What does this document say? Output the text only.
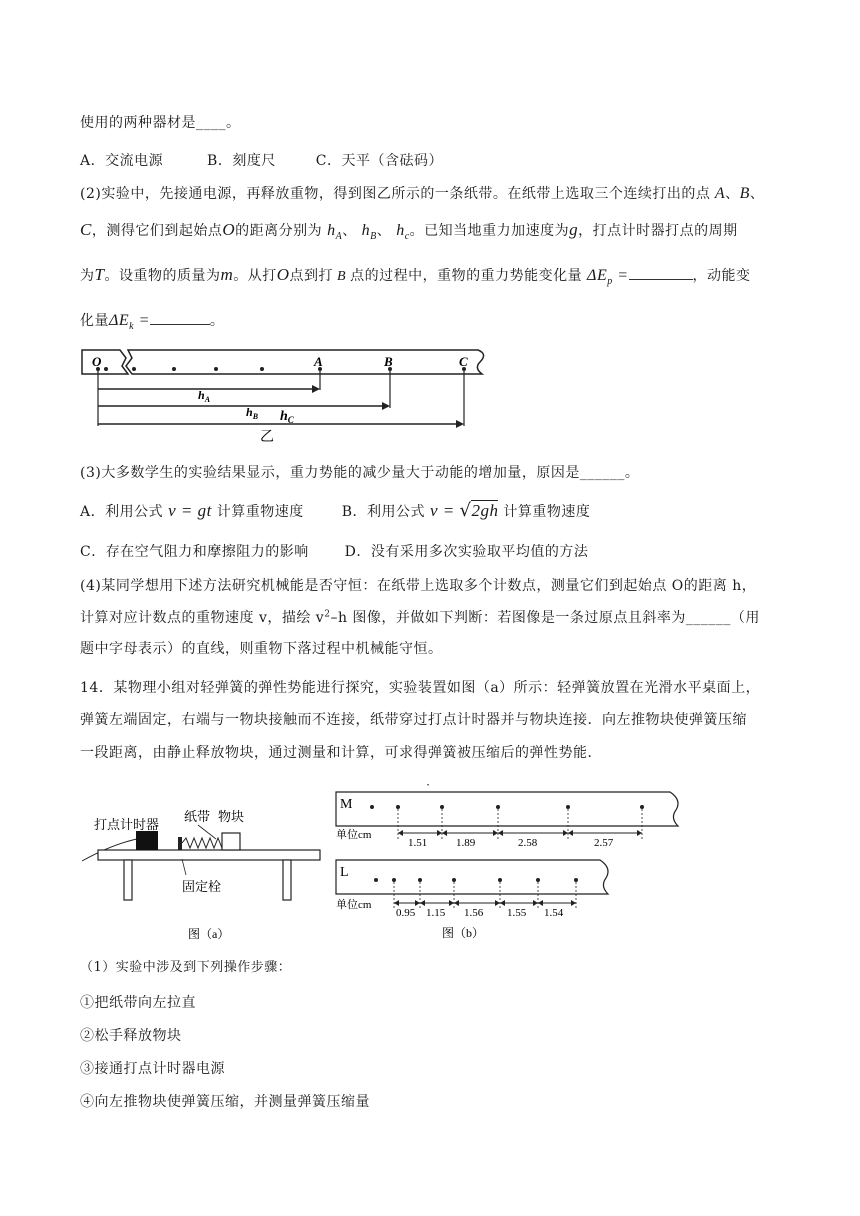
使用的两种器材是____。
A．交流电源	B．刻度尺	C．天平（含砝码）
(2)实验中，先接通电源，再释放重物，得到图乙所示的一条纸带。在纸带上选取三个连续打出的点 A、B、
C，测得它们到起始点O的距离分别为 $h_A$、 $h_B$、 $h_c$。已知当地重力加速度为g，打点计时器打点的周期
为T。设重物的质量为m。从打O点到打 B 点的过程中，重物的重力势能变化量 $\Delta E_p$ =	，动能变
化量$\Delta E_k$ =	。
O	A	B	C
$h_A$
$h_B$ $h_C$
乙
(3)大多数学生的实验结果显示，重力势能的减少量大于动能的增加量，原因是______。
A．利用公式 v = gt 计算重物速度	B．利用公式 v = √2gh 计算重物速度
C．存在空气阻力和摩擦阻力的影响	D．没有采用多次实验取平均值的方法
(4)某同学想用下述方法研究机械能是否守恒：在纸带上选取多个计数点，测量它们到起始点 O的距离 h，
计算对应计数点的重物速度 v，描绘 $v^2-h$ 图像，并做如下判断：若图像是一条过原点且斜率为______（用
题中字母表示）的直线，则重物下落过程中机械能守恒。
14．某物理小组对轻弹簧的弹性势能进行探究，实验装置如图（a）所示：轻弹簧放置在光滑水平桌面上，
弹簧左端固定，右端与一物块接触而不连接，纸带穿过打点计时器并与物块连接．向左推物块使弹簧压缩
一段距离，由静止释放物块，通过测量和计算，可求得弹簧被压缩后的弹性势能．
打点计时器
纸带 物块
固定栓
图（a）
•
M
单位cm
1.51	1.89	2.58	2.57
L
单位cm
0.95 1.15 1.56 1.55 1.54
图（b）
（1）实验中涉及到下列操作步骤：
①把纸带向左拉直
②松手释放物块
③接通打点计时器电源
④向左推物块使弹簧压缩，并测量弹簧压缩量
